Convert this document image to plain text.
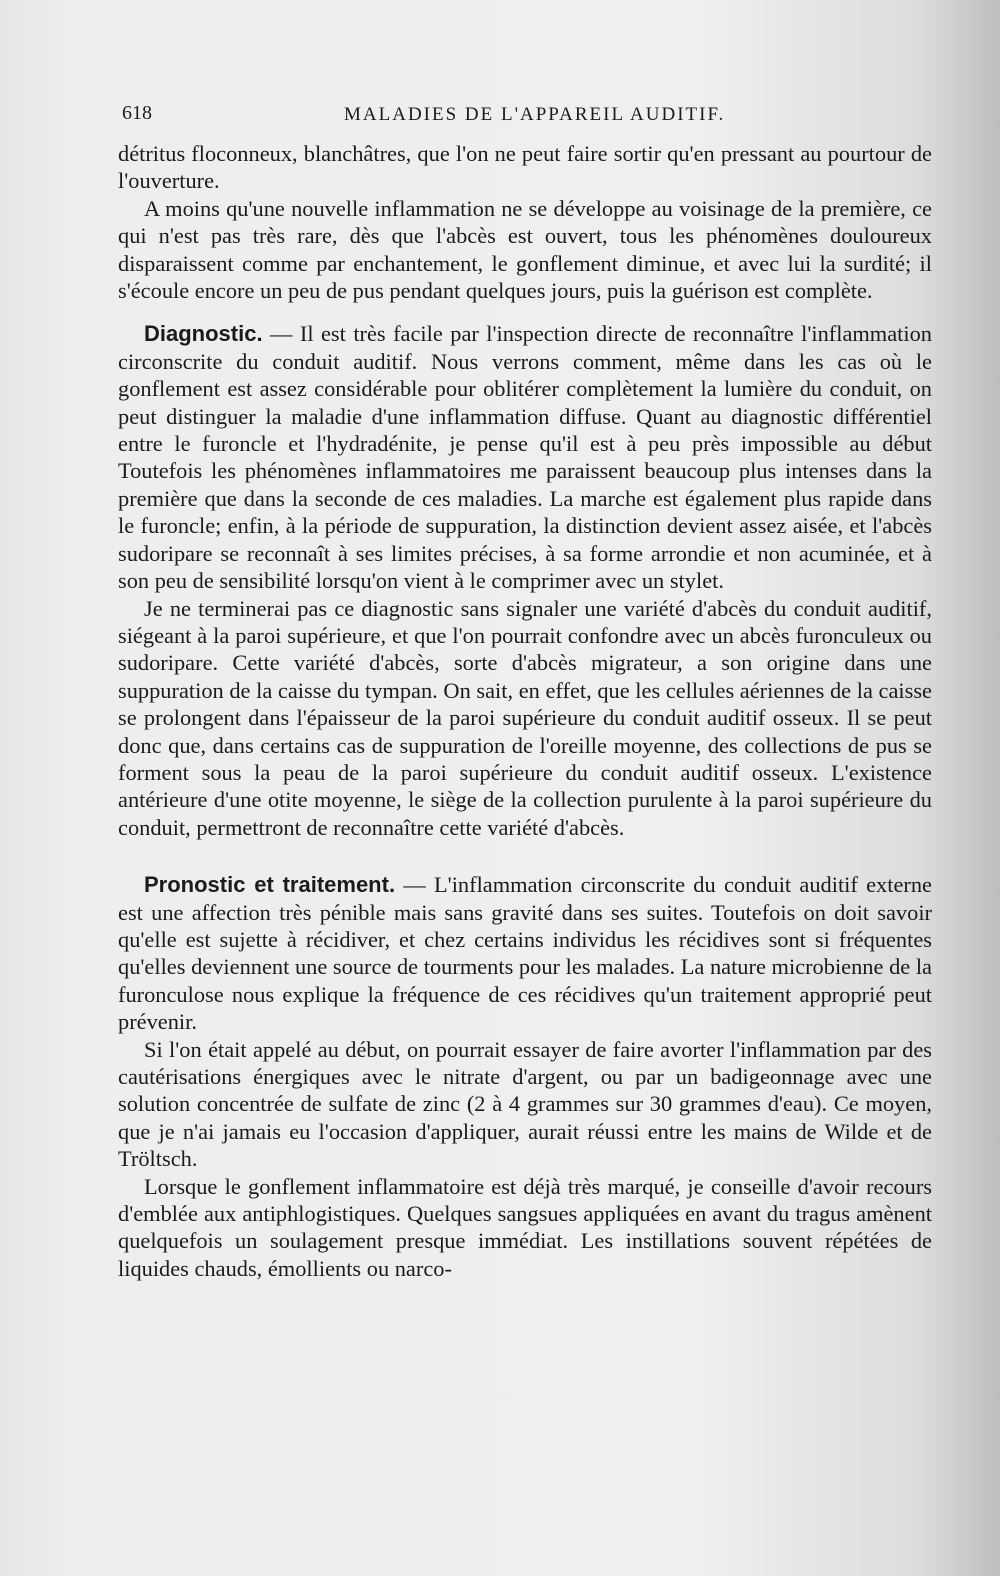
618	MALADIES DE L'APPAREIL AUDITIF.

détritus floconneux, blanchâtres, que l'on ne peut faire sortir qu'en pressant au pourtour de l'ouverture.

A moins qu'une nouvelle inflammation ne se développe au voisinage de la première, ce qui n'est pas très rare, dès que l'abcès est ouvert, tous les phénomènes douloureux disparaissent comme par enchantement, le gonflement diminue, et avec lui la surdité; il s'écoule encore un peu de pus pendant quelques jours, puis la guérison est complète.

Diagnostic. — Il est très facile par l'inspection directe de reconnaître l'inflammation circonscrite du conduit auditif. Nous verrons comment, même dans les cas où le gonflement est assez considérable pour oblitérer complètement la lumière du conduit, on peut distinguer la maladie d'une inflammation diffuse. Quant au diagnostic différentiel entre le furoncle et l'hydradénite, je pense qu'il est à peu près impossible au début Toutefois les phénomènes inflammatoires me paraissent beaucoup plus intenses dans la première que dans la seconde de ces maladies. La marche est également plus rapide dans le furoncle; enfin, à la période de suppuration, la distinction devient assez aisée, et l'abcès sudoripare se reconnaît à ses limites précises, à sa forme arrondie et non acuminée, et à son peu de sensibilité lorsqu'on vient à le comprimer avec un stylet.

Je ne terminerai pas ce diagnostic sans signaler une variété d'abcès du conduit auditif, siégeant à la paroi supérieure, et que l'on pourrait confondre avec un abcès furonculeux ou sudoripare. Cette variété d'abcès, sorte d'abcès migrateur, a son origine dans une suppuration de la caisse du tympan. On sait, en effet, que les cellules aériennes de la caisse se prolongent dans l'épaisseur de la paroi supérieure du conduit auditif osseux. Il se peut donc que, dans certains cas de suppuration de l'oreille moyenne, des collections de pus se forment sous la peau de la paroi supérieure du conduit auditif osseux. L'existence antérieure d'une otite moyenne, le siège de la collection purulente à la paroi supérieure du conduit, permettront de reconnaître cette variété d'abcès.

Pronostic et traitement. — L'inflammation circonscrite du conduit auditif externe est une affection très pénible mais sans gravité dans ses suites. Toutefois on doit savoir qu'elle est sujette à récidiver, et chez certains individus les récidives sont si fréquentes qu'elles deviennent une source de tourments pour les malades. La nature microbienne de la furonculose nous explique la fréquence de ces récidives qu'un traitement approprié peut prévenir.

Si l'on était appelé au début, on pourrait essayer de faire avorter l'inflammation par des cautérisations énergiques avec le nitrate d'argent, ou par un badigeonnage avec une solution concentrée de sulfate de zinc (2 à 4 grammes sur 30 grammes d'eau). Ce moyen, que je n'ai jamais eu l'occasion d'appliquer, aurait réussi entre les mains de Wilde et de Tröltsch.

Lorsque le gonflement inflammatoire est déjà très marqué, je conseille d'avoir recours d'emblée aux antiphlogistiques. Quelques sangsues appliquées en avant du tragus amènent quelquefois un soulagement presque immédiat. Les instillations souvent répétées de liquides chauds, émollients ou narco-
